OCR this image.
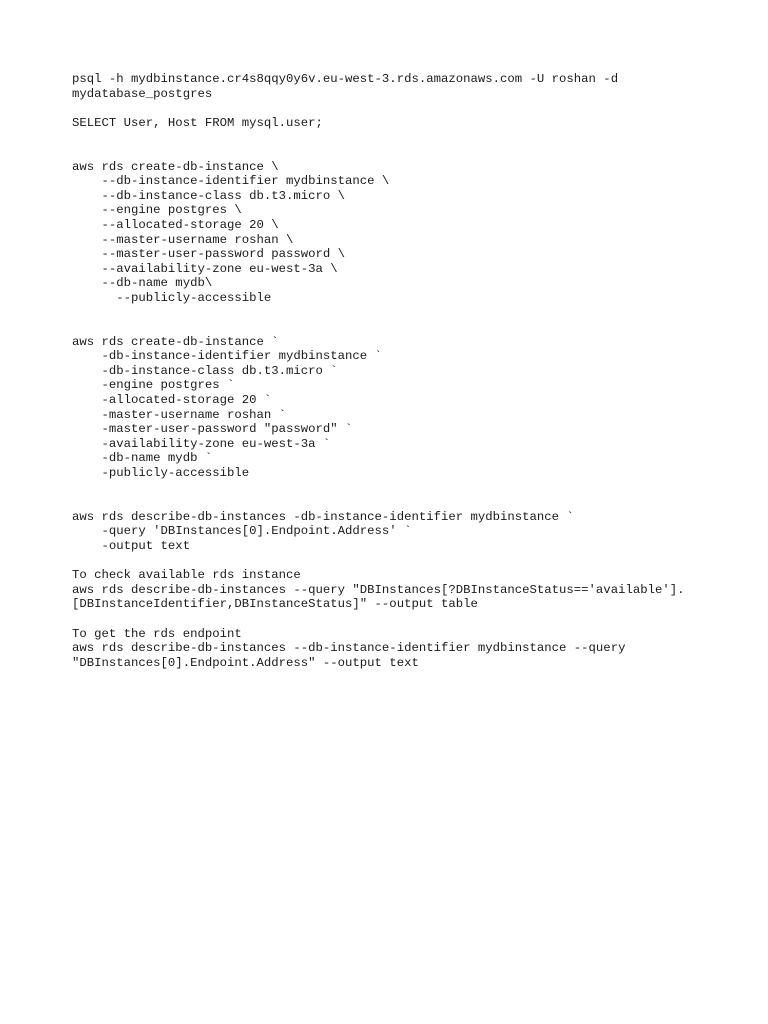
psql -h mydbinstance.cr4s8qqy0y6v.eu-west-3.rds.amazonaws.com -U roshan -d
mydatabase_postgres
SELECT User, Host FROM mysql.user;
aws rds create-db-instance \
--db-instance-identifier mydbinstance \
--db-instance-class db.t3.micro \
--engine postgres \
--allocated-storage 20 \
--master-username roshan \
--master-user-password password \
--availability-zone eu-west-3a \
--db-name mydb\
--publicly-accessible
aws rds create-db-instance `
-db-instance-identifier mydbinstance `
-db-instance-class db.t3.micro `
-engine postgres `
-allocated-storage 20 `
-master-username roshan `
-master-user-password "password" `
-availability-zone eu-west-3a `
-db-name mydb `
-publicly-accessible
aws rds describe-db-instances -db-instance-identifier mydbinstance `
-query 'DBInstances[0].Endpoint.Address' `
-output text
To check available rds instance
aws rds describe-db-instances --query "DBInstances[?DBInstanceStatus=='available'].
[DBInstanceIdentifier,DBInstanceStatus]" --output table
To get the rds endpoint
aws rds describe-db-instances --db-instance-identifier mydbinstance --query
"DBInstances[0].Endpoint.Address" --output text
